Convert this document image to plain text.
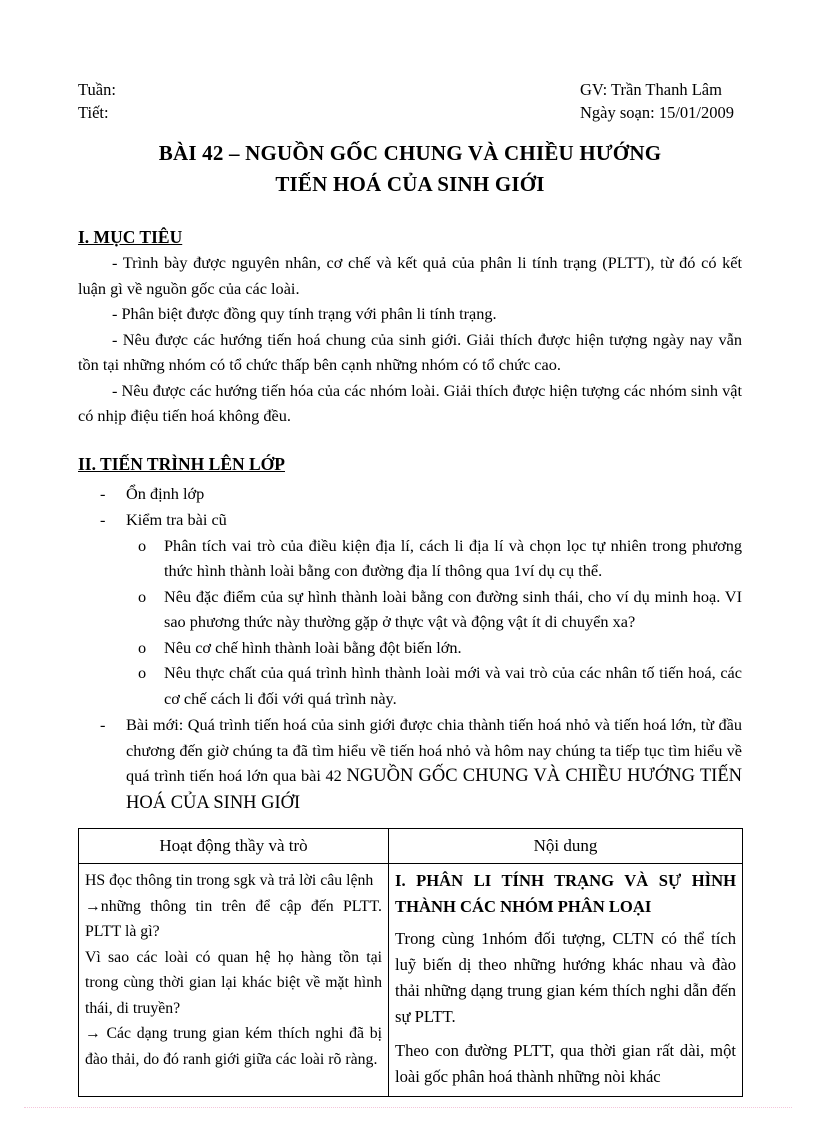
Tuần:
Tiết:
GV: Trần Thanh Lâm
Ngày soạn: 15/01/2009
BÀI 42 – NGUỒN GỐC CHUNG VÀ CHIỀU HƯỚNG
TIẾN HOÁ CỦA SINH GIỚI
I. MỤC TIÊU

- Trình bày được nguyên nhân, cơ chế và kết quả của phân li tính trạng (PLTT), từ đó có kết luận gì về nguồn gốc của các loài.

- Phân biệt được đồng quy tính trạng với phân li tính trạng.

- Nêu được các hướng tiến hoá chung của sinh giới. Giải thích được hiện tượng ngày nay vẫn tồn tại những nhóm có tổ chức thấp bên cạnh những nhóm có tổ chức cao.

- Nêu được các hướng tiến hóa của các nhóm loài. Giải thích được hiện tượng các nhóm sinh vật có nhịp điệu tiến hoá không đều.

II. TIẾN TRÌNH LÊN LỚP
- Ổn định lớp
- Kiểm tra bài cũ
o Phân tích vai trò của điều kiện địa lí, cách li địa lí và chọn lọc tự nhiên trong phương thức hình thành loài bằng con đường địa lí thông qua 1ví dụ cụ thể.
o Nêu đặc điểm của sự hình thành loài bằng con đường sinh thái, cho ví dụ minh hoạ. VI sao phương thức này thường gặp ở thực vật và động vật ít di chuyển xa?
o Nêu cơ chế hình thành loài bằng đột biến lớn.
o Nêu thực chất của quá trình hình thành loài mới và vai trò của các nhân tố tiến hoá, các cơ chế cách li đối với quá trình này.
- Bài mới: Quá trình tiến hoá của sinh giới được chia thành tiến hoá nhỏ và tiến hoá lớn, từ đầu chương đến giờ chúng ta đã tìm hiểu về tiến hoá nhỏ và hôm nay chúng ta tiếp tục tìm hiểu về quá trình tiến hoá lớn qua bài 42 NGUỒN GỐC CHUNG VÀ CHIỀU HƯỚNG TIẾN HOÁ CỦA SINH GIỚI
Hoạt động thầy và trò	Nội dung

HS đọc thông tin trong sgk và trả lời câu lệnh
→những thông tin trên để cập đến PLTT. PLTT là gì?
Vì sao các loài có quan hệ họ hàng tồn tại trong cùng thời gian lại khác biệt về mặt hình thái, di truyền?
→ Các dạng trung gian kém thích nghi đã bị đào thải, do đó ranh giới giữa các loài rõ ràng.

I. PHÂN LI TÍNH TRẠNG VÀ SỰ HÌNH THÀNH CÁC NHÓM PHÂN LOẠI
Trong cùng 1nhóm đối tượng, CLTN có thể tích luỹ biến dị theo những hướng khác nhau và đào thải những dạng trung gian kém thích nghi dẫn đến sự PLTT.
Theo con đường PLTT, qua thời gian rất dài, một loài gốc phân hoá thành những nòi khác
